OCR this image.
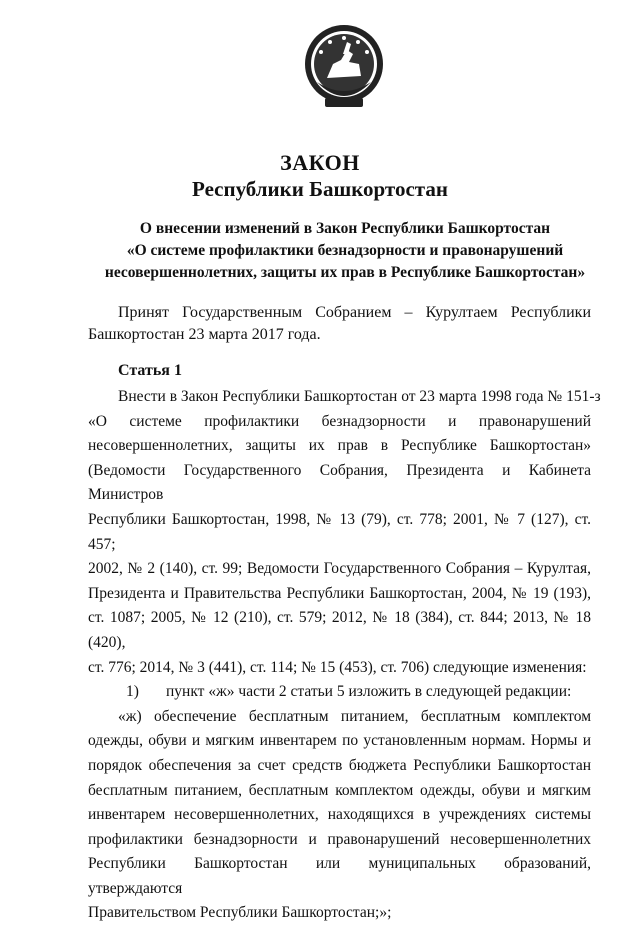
ЗАКОН
Республики Башкортостан
О внесении изменений в Закон Республики Башкортостан
«О системе профилактики безнадзорности и правонарушений
несовершеннолетних, защиты их прав в Республике Башкортостан»
Принят Государственным Собранием – Курултаем Республики
Башкортостан 23 марта 2017 года.
Статья 1
Внести в Закон Республики Башкортостан от 23 марта 1998 года № 151-з
«О системе профилактики безнадзорности и правонарушений
несовершеннолетних, защиты их прав в Республике Башкортостан»
(Ведомости Государственного Собрания, Президента и Кабинета Министров
Республики Башкортостан, 1998, № 13 (79), ст. 778; 2001, № 7 (127), ст. 457;
2002, № 2 (140), ст. 99; Ведомости Государственного Собрания – Курултая,
Президента и Правительства Республики Башкортостан, 2004, № 19 (193),
ст. 1087; 2005, № 12 (210), ст. 579; 2012, № 18 (384), ст. 844; 2013, № 18 (420),
ст. 776; 2014, № 3 (441), ст. 114; № 15 (453), ст. 706) следующие изменения:
1) пункт «ж» части 2 статьи 5 изложить в следующей редакции:
«ж) обеспечение бесплатным питанием, бесплатным комплектом
одежды, обуви и мягким инвентарем по установленным нормам. Нормы и
порядок обеспечения за счет средств бюджета Республики Башкортостан
бесплатным питанием, бесплатным комплектом одежды, обуви и мягким
инвентарем несовершеннолетних, находящихся в учреждениях системы
профилактики безнадзорности и правонарушений несовершеннолетних
Республики Башкортостан или муниципальных образований, утверждаются
Правительством Республики Башкортостан;»;
